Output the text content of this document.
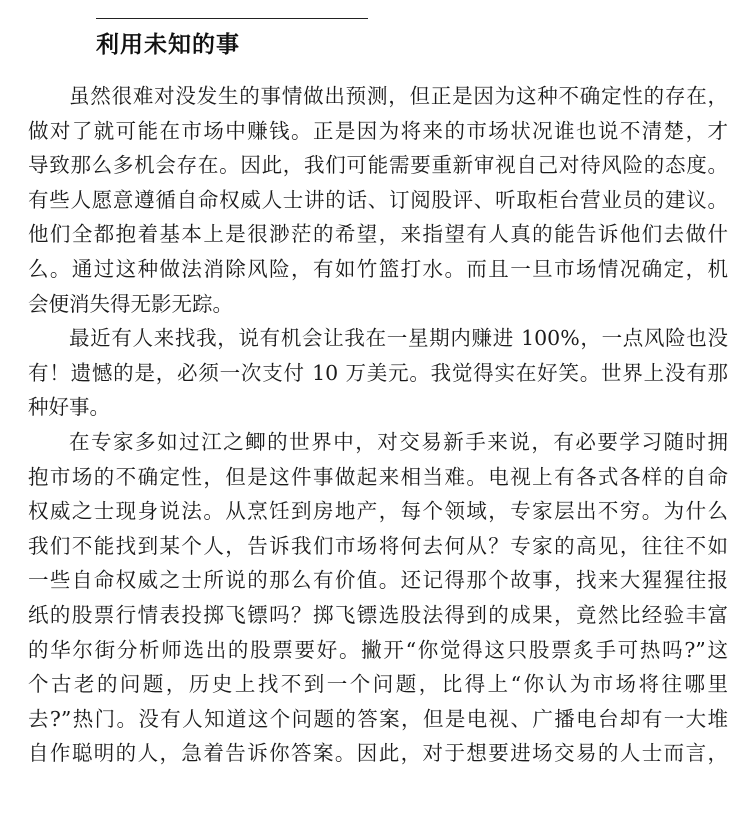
利用未知的事
虽然很难对没发生的事情做出预测，但正是因为这种不确定性的存在，
做对了就可能在市场中赚钱。正是因为将来的市场状况谁也说不清楚，才
导致那么多机会存在。因此，我们可能需要重新审视自己对待风险的态度。
有些人愿意遵循自命权威人士讲的话、订阅股评、听取柜台营业员的建议。
他们全都抱着基本上是很渺茫的希望，来指望有人真的能告诉他们去做什
么。通过这种做法消除风险，有如竹篮打水。而且一旦市场情况确定，机
会便消失得无影无踪。
最近有人来找我，说有机会让我在一星期内赚进 100%，一点风险也没
有！遗憾的是，必须一次支付 10 万美元。我觉得实在好笑。世界上没有那
种好事。
在专家多如过江之鲫的世界中，对交易新手来说，有必要学习随时拥
抱市场的不确定性，但是这件事做起来相当难。电视上有各式各样的自命
权威之士现身说法。从烹饪到房地产，每个领域，专家层出不穷。为什么
我们不能找到某个人，告诉我们市场将何去何从？专家的高见，往往不如
一些自命权威之士所说的那么有价值。还记得那个故事，找来大猩猩往报
纸的股票行情表投掷飞镖吗？掷飞镖选股法得到的成果，竟然比经验丰富
的华尔街分析师选出的股票要好。撇开“你觉得这只股票炙手可热吗?”这
个古老的问题，历史上找不到一个问题，比得上“你认为市场将往哪里
去?”热门。没有人知道这个问题的答案，但是电视、广播电台却有一大堆
自作聪明的人，急着告诉你答案。因此，对于想要进场交易的人士而言，
